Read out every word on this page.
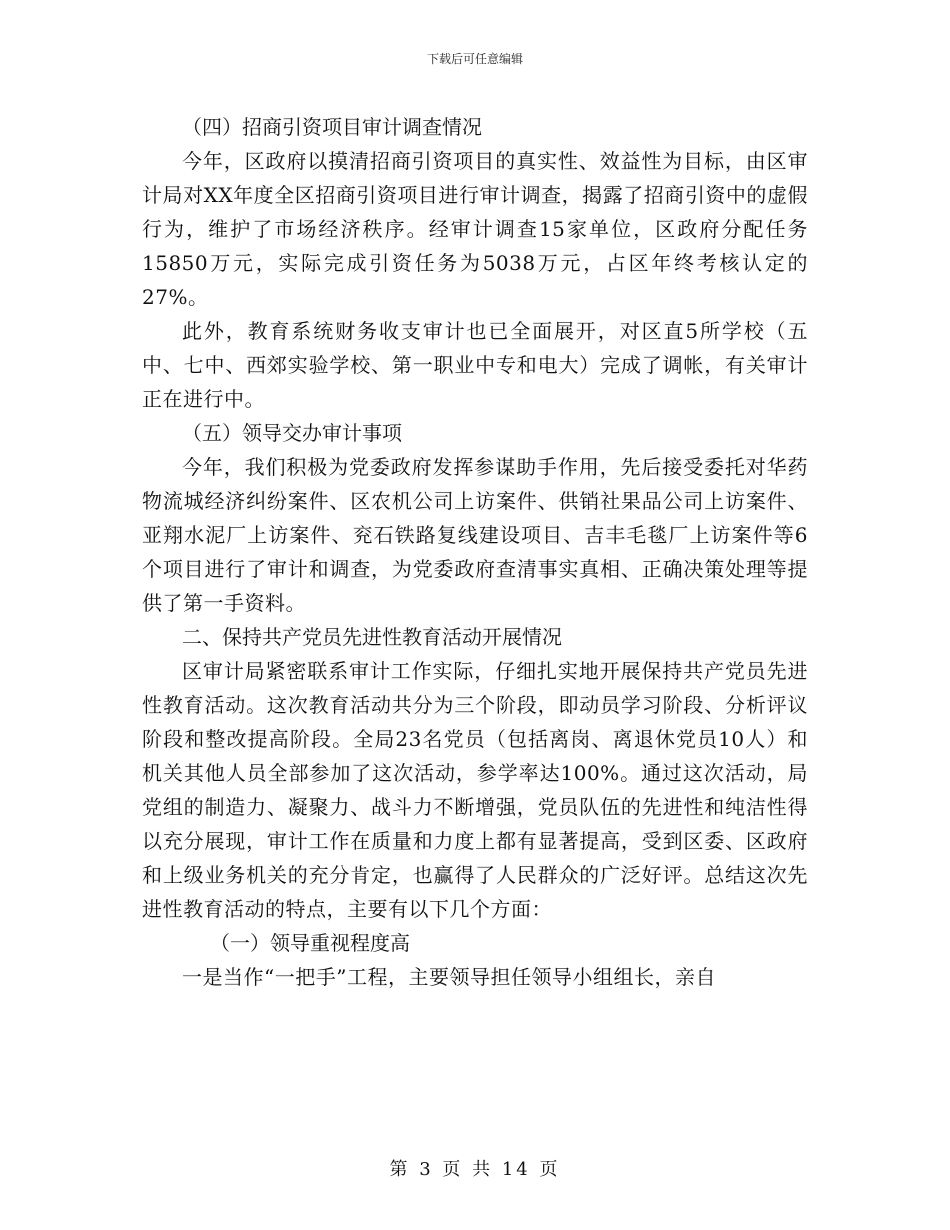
下载后可任意编辑

（四）招商引资项目审计调查情况

今年，区政府以摸清招商引资项目的真实性、效益性为目标，由区审计局对XX年度全区招商引资项目进行审计调查，揭露了招商引资中的虚假行为，维护了市场经济秩序。经审计调查15家单位，区政府分配任务15850万元，实际完成引资任务为5038万元，占区年终考核认定的27%。

此外，教育系统财务收支审计也已全面展开，对区直5所学校（五中、七中、西郊实验学校、第一职业中专和电大）完成了调帐，有关审计正在进行中。

（五）领导交办审计事项

今年，我们积极为党委政府发挥参谋助手作用，先后接受委托对华药物流城经济纠纷案件、区农机公司上访案件、供销社果品公司上访案件、亚翔水泥厂上访案件、兖石铁路复线建设项目、吉丰毛毯厂上访案件等6个项目进行了审计和调查，为党委政府查清事实真相、正确决策处理等提供了第一手资料。

二、保持共产党员先进性教育活动开展情况

区审计局紧密联系审计工作实际，仔细扎实地开展保持共产党员先进性教育活动。这次教育活动共分为三个阶段，即动员学习阶段、分析评议阶段和整改提高阶段。全局23名党员（包括离岗、离退休党员10人）和机关其他人员全部参加了这次活动，参学率达100%。通过这次活动，局党组的制造力、凝聚力、战斗力不断增强，党员队伍的先进性和纯洁性得以充分展现，审计工作在质量和力度上都有显著提高，受到区委、区政府和上级业务机关的充分肯定，也赢得了人民群众的广泛好评。总结这次先进性教育活动的特点，主要有以下几个方面：

（一）领导重视程度高

一是当作“一把手”工程，主要领导担任领导小组组长，亲自

第 3 页 共 14 页
